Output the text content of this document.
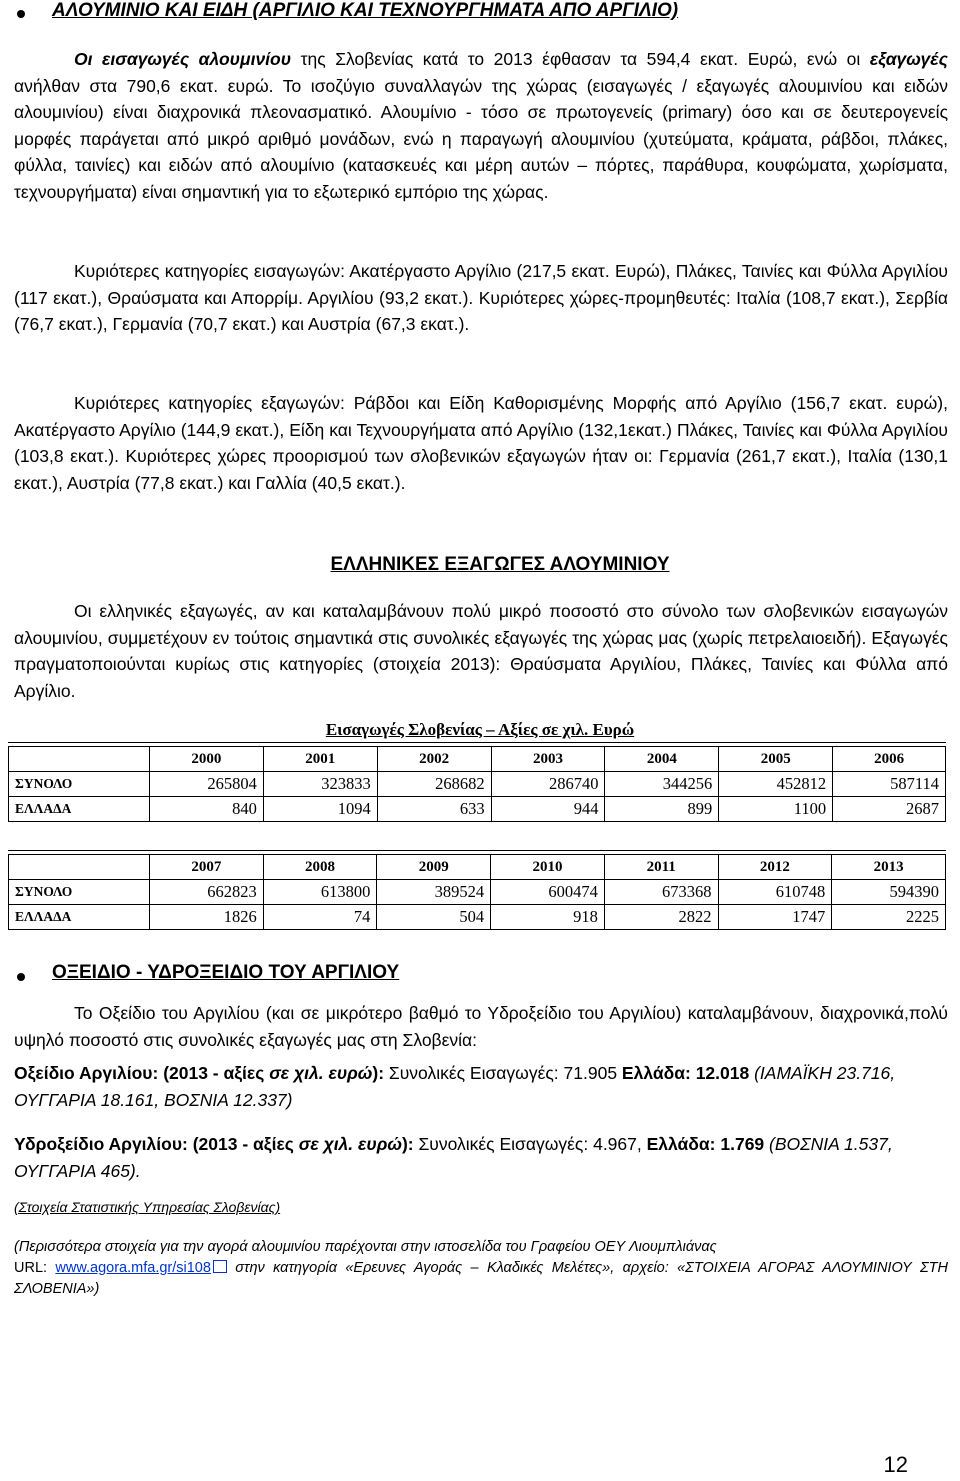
ΑΛΟΥΜΙΝΙΟ ΚΑΙ ΕΙΔΗ (ΑΡΓΙΛΙΟ ΚΑΙ ΤΕΧΝΟΥΡΓΗΜΑΤΑ ΑΠΟ ΑΡΓΙΛΙΟ)

Οι εισαγωγές αλουμινίου της Σλοβενίας κατά το 2013 έφθασαν τα 594,4 εκατ. Ευρώ, ενώ οι εξαγωγές ανήλθαν στα 790,6 εκατ. ευρώ. Το ισοζύγιο συναλλαγών της χώρας (εισαγωγές / εξαγωγές αλουμινίου και ειδών αλουμινίου) είναι διαχρονικά πλεονασματικό. Αλουμίνιο - τόσο σε πρωτογενείς (primary) όσο και σε δευτερογενείς μορφές παράγεται από μικρό αριθμό μονάδων, ενώ η παραγωγή αλουμινίου (χυτεύματα, κράματα, ράβδοι, πλάκες, φύλλα, ταινίες) και ειδών από αλουμίνιο (κατασκευές και μέρη αυτών – πόρτες, παράθυρα, κουφώματα, χωρίσματα, τεχνουργήματα) είναι σημαντική για το εξωτερικό εμπόριο της χώρας.

Κυριότερες κατηγορίες εισαγωγών: Ακατέργαστο Αργίλιο (217,5 εκατ. Ευρώ), Πλάκες, Ταινίες και Φύλλα Αργιλίου (117 εκατ.), Θραύσματα και Απορρίμ. Αργιλίου (93,2 εκατ.). Κυριότερες χώρες-προμηθευτές: Ιταλία (108,7 εκατ.), Σερβία (76,7 εκατ.), Γερμανία (70,7 εκατ.) και Αυστρία (67,3 εκατ.).

Κυριότερες κατηγορίες εξαγωγών: Ράβδοι και Είδη Καθορισμένης Μορφής από Αργίλιο (156,7 εκατ. ευρώ), Ακατέργαστο Αργίλιο (144,9 εκατ.), Είδη και Τεχνουργήματα από Αργίλιο (132,1εκατ.) Πλάκες, Ταινίες και Φύλλα Αργιλίου (103,8 εκατ.). Κυριότερες χώρες προορισμού των σλοβενικών εξαγωγών ήταν οι: Γερμανία (261,7 εκατ.), Ιταλία (130,1 εκατ.), Αυστρία (77,8 εκατ.) και Γαλλία (40,5 εκατ.).

ΕΛΛΗΝΙΚΕΣ ΕΞΑΓΩΓΕΣ ΑΛΟΥΜΙΝΙΟΥ

Οι ελληνικές εξαγωγές, αν και καταλαμβάνουν πολύ μικρό ποσοστό στο σύνολο των σλοβενικών εισαγωγών αλουμινίου, συμμετέχουν εν τούτοις σημαντικά στις συνολικές εξαγωγές της χώρας μας (χωρίς πετρελαιοειδή). Εξαγωγές πραγματοποιούνται κυρίως στις κατηγορίες (στοιχεία 2013): Θραύσματα Αργιλίου, Πλάκες, Ταινίες και Φύλλα από Αργίλιο.

Εισαγωγές Σλοβενίας – Αξίες σε χιλ. Ευρώ
	2000	2001	2002	2003	2004	2005	2006
ΣΥΝΟΛΟ	265804	323833	268682	286740	344256	452812	587114
ΕΛΛΑΔΑ	840	1094	633	944	899	1100	2687
	2007	2008	2009	2010	2011	2012	2013
ΣΥΝΟΛΟ	662823	613800	389524	600474	673368	610748	594390
ΕΛΛΑΔΑ	1826	74	504	918	2822	1747	2225
ΟΞΕΙΔΙΟ - ΥΔΡΟΞΕΙΔΙΟ ΤΟΥ ΑΡΓΙΛΙΟΥ

Το Οξείδιο του Αργιλίου (και σε μικρότερο βαθμό το Υδροξείδιο του Αργιλίου) καταλαμβάνουν, διαχρονικά,πολύ υψηλό ποσοστό στις συνολικές εξαγωγές μας στη Σλοβενία:

Οξείδιο Αργιλίου: (2013 - αξίες σε χιλ. ευρώ): Συνολικές Εισαγωγές: 71.905 Ελλάδα: 12.018 (ΙΑΜΑΪΚΗ 23.716, ΟΥΓΓΑΡΙΑ 18.161, ΒΟΣΝΙΑ 12.337)

Υδροξείδιο Αργιλίου: (2013 - αξίες σε χιλ. ευρώ): Συνολικές Εισαγωγές: 4.967, Ελλάδα: 1.769 (ΒΟΣΝΙΑ 1.537, ΟΥΓΓΑΡΙΑ 465).

(Στοιχεία Στατιστικής Υπηρεσίας Σλοβενίας)
(Περισσότερα στοιχεία για την αγορά αλουμινίου παρέχονται στην ιστοσελίδα του Γραφείου ΟΕΥ Λιουμπλιάνας
URL: www.agora.mfa.gr/si108 στην κατηγορία «Ερευνες Αγοράς – Κλαδικές Μελέτες», αρχείο: «ΣΤΟΙΧΕΙΑ ΑΓΟΡΑΣ ΑΛΟΥΜΙΝΙΟΥ ΣΤΗ ΣΛΟΒΕΝΙΑ»)
12
